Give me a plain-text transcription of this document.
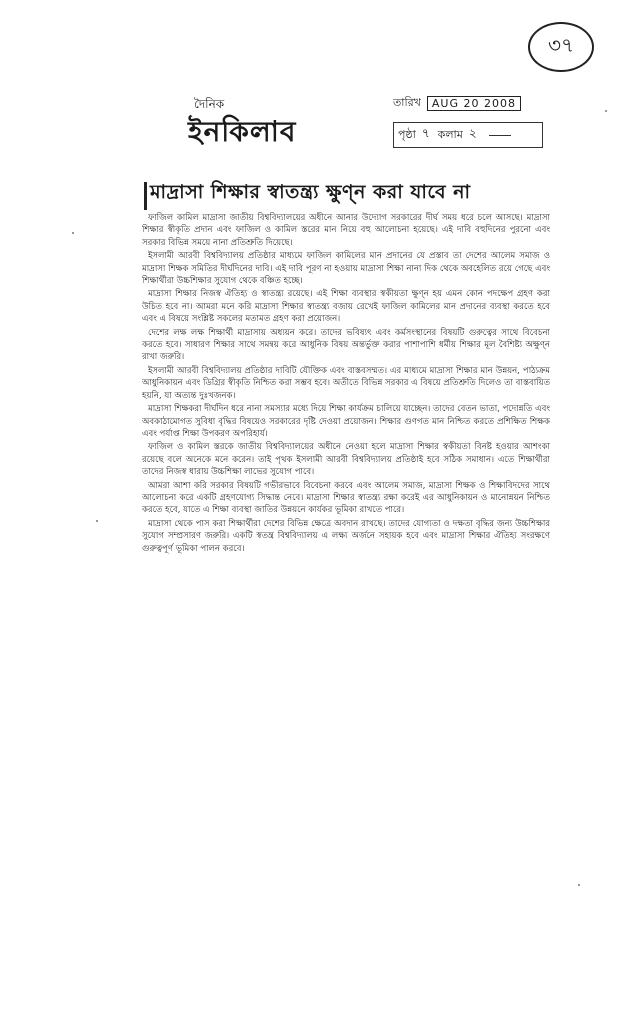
৩৭
দৈনিক
ইনকিলাব
তারিখ	AUG 20 2008
পৃষ্ঠা ৭ কলাম ২
মাদ্রাসা শিক্ষার স্বাতন্ত্র্য ক্ষুণ্ন করা যাবে না

ফাজিল কামিল মাদ্রাসা জাতীয় বিশ্ববিদ্যালয়ের অধীনে আনার উদ্যোগ সরকারের দীর্ঘ সময় ধরে চলে আসছে। মাদ্রাসা শিক্ষার স্বীকৃতি প্রদান এবং ফাজিল ও কামিল স্তরের মান নিয়ে বহু আলোচনা হয়েছে। এই দাবি বহুদিনের পুরনো এবং সরকার বিভিন্ন সময়ে নানা প্রতিশ্রুতি দিয়েছে।

ইসলামী আরবী বিশ্ববিদ্যালয় প্রতিষ্ঠার মাধ্যমে ফাজিল কামিলের মান প্রদানের যে প্রস্তাব তা দেশের আলেম সমাজ ও মাদ্রাসা শিক্ষক সমিতির দীর্ঘদিনের দাবি। এই দাবি পূরণ না হওয়ায় মাদ্রাসা শিক্ষা নানা দিক থেকে অবহেলিত রয়ে গেছে এবং শিক্ষার্থীরা উচ্চশিক্ষার সুযোগ থেকে বঞ্চিত হচ্ছে।

মাদ্রাসা শিক্ষার নিজস্ব ঐতিহ্য ও স্বাতন্ত্র্য রয়েছে। এই শিক্ষা ব্যবস্থার স্বকীয়তা ক্ষুণ্ন হয় এমন কোন পদক্ষেপ গ্রহণ করা উচিত হবে না। আমরা মনে করি মাদ্রাসা শিক্ষার স্বাতন্ত্র্য বজায় রেখেই ফাজিল কামিলের মান প্রদানের ব্যবস্থা করতে হবে এবং এ বিষয়ে সংশ্লিষ্ট সকলের মতামত গ্রহণ করা প্রয়োজন।

দেশের লক্ষ লক্ষ শিক্ষার্থী মাদ্রাসায় অধ্যয়ন করে। তাদের ভবিষ্যৎ এবং কর্মসংস্থানের বিষয়টি গুরুত্বের সাথে বিবেচনা করতে হবে। সাধারণ শিক্ষার সাথে সমন্বয় করে আধুনিক বিষয় অন্তর্ভুক্ত করার পাশাপাশি ধর্মীয় শিক্ষার মূল বৈশিষ্ট্য অক্ষুণ্ন রাখা জরুরি।

ইসলামী আরবী বিশ্ববিদ্যালয় প্রতিষ্ঠার দাবিটি যৌক্তিক এবং বাস্তবসম্মত। এর মাধ্যমে মাদ্রাসা শিক্ষার মান উন্নয়ন, পাঠ্যক্রম আধুনিকায়ন এবং ডিগ্রির স্বীকৃতি নিশ্চিত করা সম্ভব হবে। অতীতে বিভিন্ন সরকার এ বিষয়ে প্রতিশ্রুতি দিলেও তা বাস্তবায়িত হয়নি, যা অত্যন্ত দুঃখজনক।

মাদ্রাসা শিক্ষকরা দীর্ঘদিন ধরে নানা সমস্যার মধ্যে দিয়ে শিক্ষা কার্যক্রম চালিয়ে যাচ্ছেন। তাদের বেতন ভাতা, পদোন্নতি এবং অবকাঠামোগত সুবিধা বৃদ্ধির বিষয়েও সরকারের দৃষ্টি দেওয়া প্রয়োজন। শিক্ষার গুণগত মান নিশ্চিত করতে প্রশিক্ষিত শিক্ষক এবং পর্যাপ্ত শিক্ষা উপকরণ অপরিহার্য।

ফাজিল ও কামিল স্তরকে জাতীয় বিশ্ববিদ্যালয়ের অধীনে নেওয়া হলে মাদ্রাসা শিক্ষার স্বকীয়তা বিনষ্ট হওয়ার আশংকা রয়েছে বলে অনেকে মনে করেন। তাই পৃথক ইসলামী আরবী বিশ্ববিদ্যালয় প্রতিষ্ঠাই হবে সঠিক সমাধান। এতে শিক্ষার্থীরা তাদের নিজস্ব ধারায় উচ্চশিক্ষা লাভের সুযোগ পাবে।

আমরা আশা করি সরকার বিষয়টি গভীরভাবে বিবেচনা করবে এবং আলেম সমাজ, মাদ্রাসা শিক্ষক ও শিক্ষাবিদদের সাথে আলোচনা করে একটি গ্রহণযোগ্য সিদ্ধান্ত নেবে। মাদ্রাসা শিক্ষার স্বাতন্ত্র্য রক্ষা করেই এর আধুনিকায়ন ও মানোন্নয়ন নিশ্চিত করতে হবে, যাতে এ শিক্ষা ব্যবস্থা জাতির উন্নয়নে কার্যকর ভূমিকা রাখতে পারে।

মাদ্রাসা থেকে পাস করা শিক্ষার্থীরা দেশের বিভিন্ন ক্ষেত্রে অবদান রাখছে। তাদের যোগ্যতা ও দক্ষতা বৃদ্ধির জন্য উচ্চশিক্ষার সুযোগ সম্প্রসারণ জরুরি। একটি স্বতন্ত্র বিশ্ববিদ্যালয় এ লক্ষ্য অর্জনে সহায়ক হবে এবং মাদ্রাসা শিক্ষার ঐতিহ্য সংরক্ষণে গুরুত্বপূর্ণ ভূমিকা পালন করবে।
